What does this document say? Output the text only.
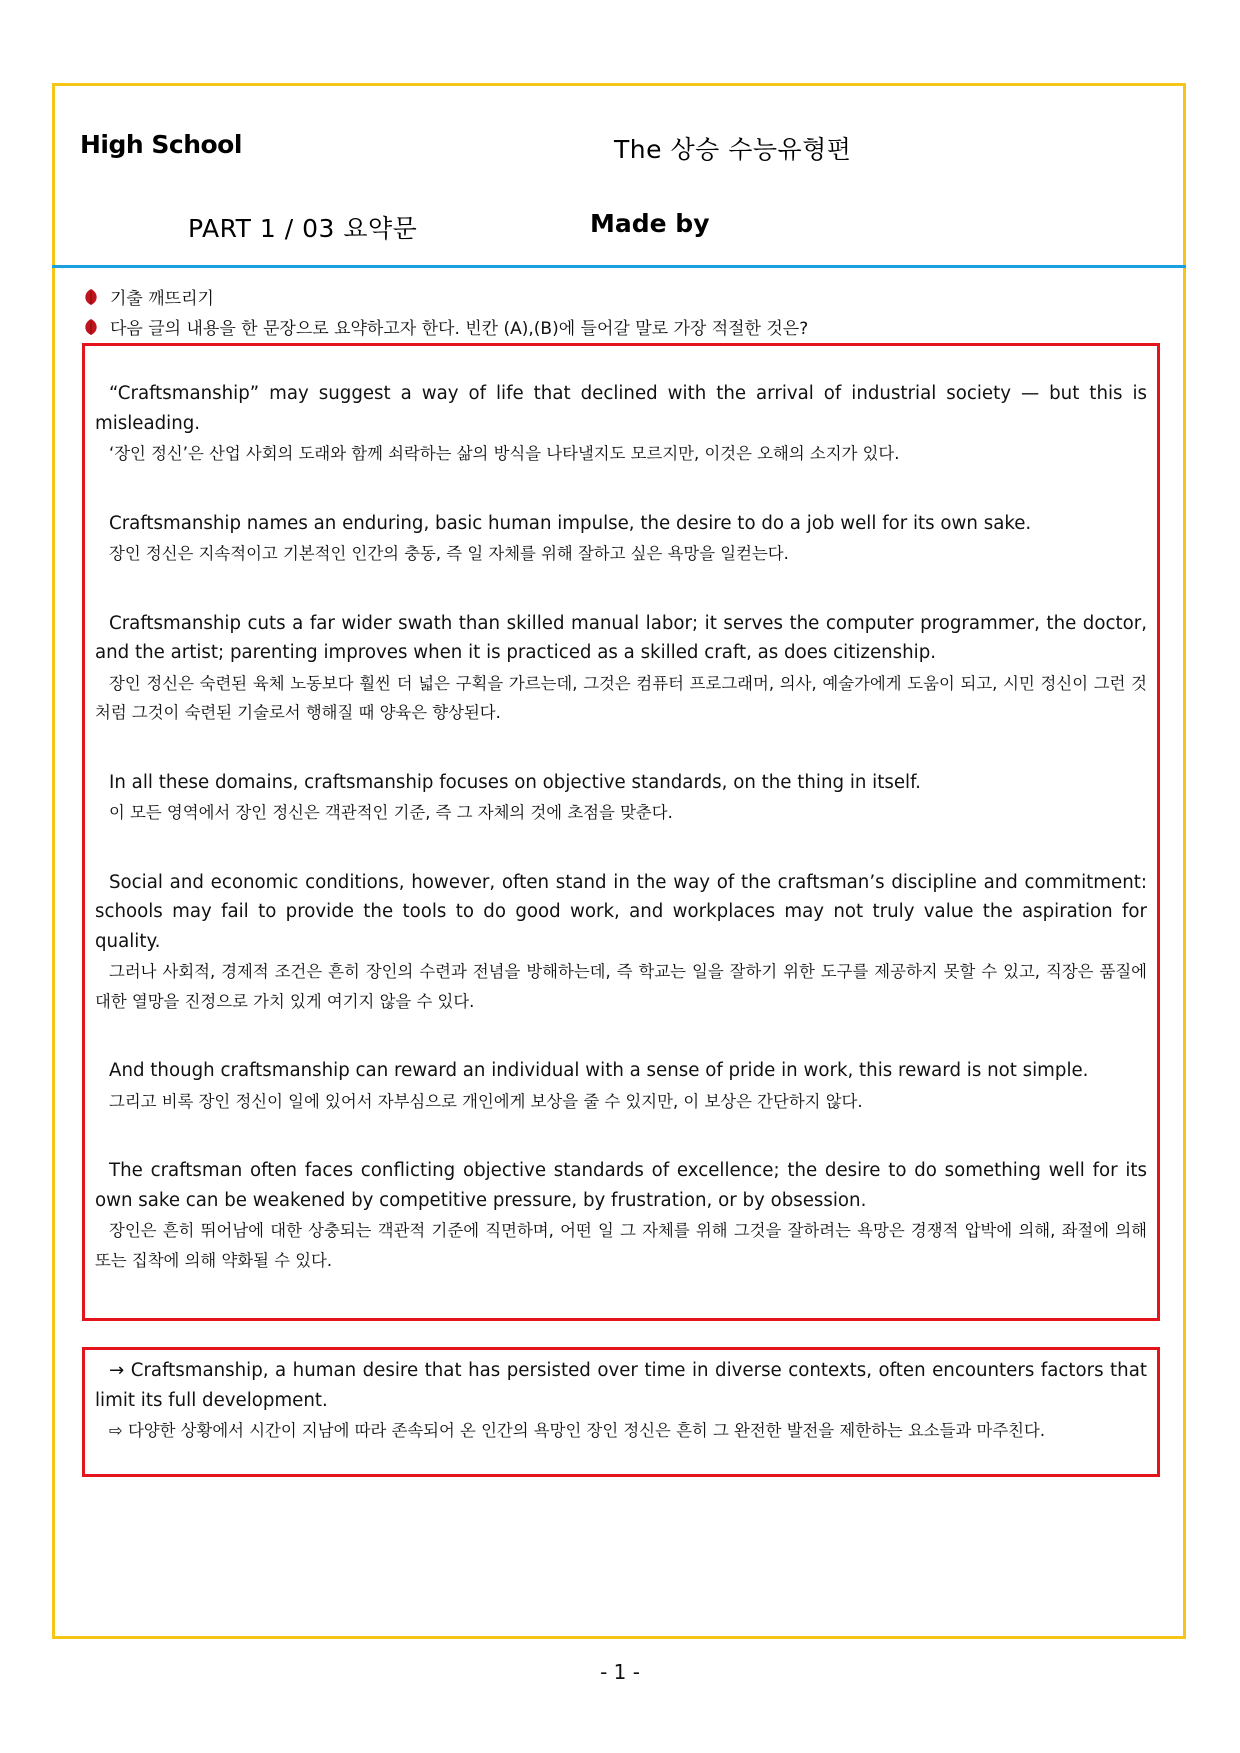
High School	The 상승 수능유형편
PART 1 / 03 요약문	Made by
기출 깨뜨리기
다음 글의 내용을 한 문장으로 요약하고자 한다. 빈칸 (A),(B)에 들어갈 말로 가장 적절한 것은?

“Craftsmanship” may suggest a way of life that declined with the arrival of industrial society — but this is misleading.

‘장인 정신’은 산업 사회의 도래와 함께 쇠락하는 삶의 방식을 나타낼지도 모르지만, 이것은 오해의 소지가 있다.

Craftsmanship names an enduring, basic human impulse, the desire to do a job well for its own sake.

장인 정신은 지속적이고 기본적인 인간의 충동, 즉 일 자체를 위해 잘하고 싶은 욕망을 일컫는다.

Craftsmanship cuts a far wider swath than skilled manual labor; it serves the computer programmer, the doctor, and the artist; parenting improves when it is practiced as a skilled craft, as does citizenship.

장인 정신은 숙련된 육체 노동보다 훨씬 더 넓은 구획을 가르는데, 그것은 컴퓨터 프로그래머, 의사, 예술가에게 도움이 되고, 시민 정신이 그런 것처럼 그것이 숙련된 기술로서 행해질 때 양육은 향상된다.

In all these domains, craftsmanship focuses on objective standards, on the thing in itself.

이 모든 영역에서 장인 정신은 객관적인 기준, 즉 그 자체의 것에 초점을 맞춘다.

Social and economic conditions, however, often stand in the way of the craftsman’s discipline and commitment: schools may fail to provide the tools to do good work, and workplaces may not truly value the aspiration for quality.

그러나 사회적, 경제적 조건은 흔히 장인의 수련과 전념을 방해하는데, 즉 학교는 일을 잘하기 위한 도구를 제공하지 못할 수 있고, 직장은 품질에 대한 열망을 진정으로 가치 있게 여기지 않을 수 있다.

And though craftsmanship can reward an individual with a sense of pride in work, this reward is not simple.

그리고 비록 장인 정신이 일에 있어서 자부심으로 개인에게 보상을 줄 수 있지만, 이 보상은 간단하지 않다.

The craftsman often faces conflicting objective standards of excellence; the desire to do something well for its own sake can be weakened by competitive pressure, by frustration, or by obsession.

장인은 흔히 뛰어남에 대한 상충되는 객관적 기준에 직면하며, 어떤 일 그 자체를 위해 그것을 잘하려는 욕망은 경쟁적 압박에 의해, 좌절에 의해 또는 집착에 의해 약화될 수 있다.

→ Craftsmanship, a human desire that has persisted over time in diverse contexts, often encounters factors that limit its full development.

⇨ 다양한 상황에서 시간이 지남에 따라 존속되어 온 인간의 욕망인 장인 정신은 흔히 그 완전한 발전을 제한하는 요소들과 마주친다.

- 1 -
